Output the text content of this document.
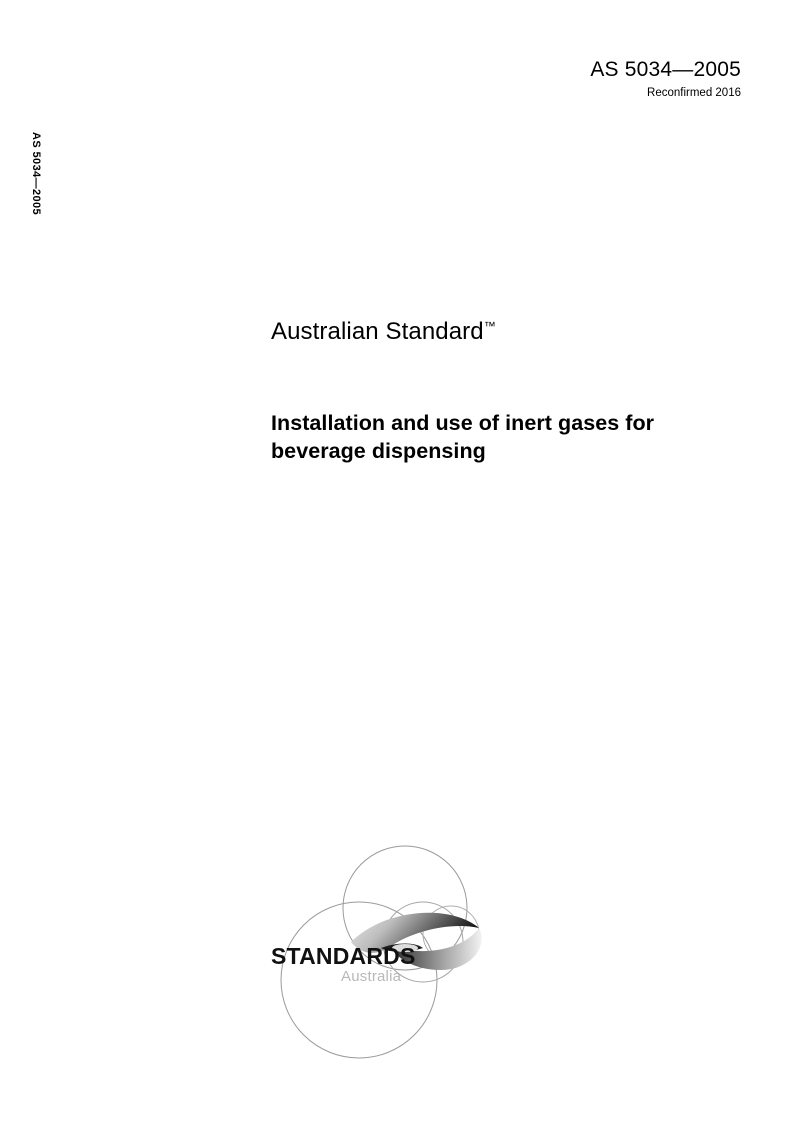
AS 5034—2005
Reconfirmed 2016
AS 5034—2005
Australian Standard™
Installation and use of inert gases for beverage dispensing
STANDARDS
Australia
